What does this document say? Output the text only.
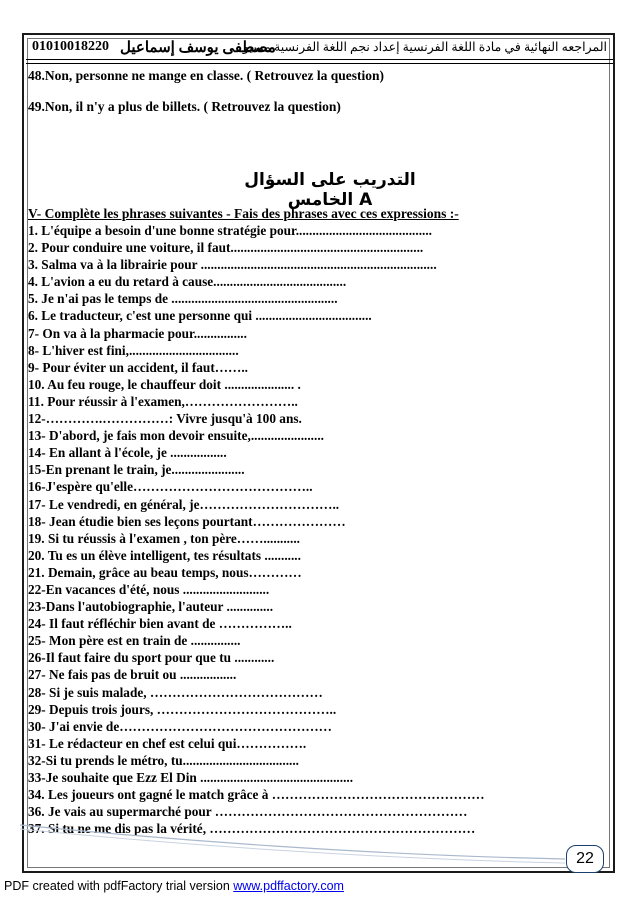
01010018220 مصطفى يوسف إسماعيل
المراجعه النهائية في مادة اللغة الفرنسية إعداد نجم اللغة الفرنسية مسيو
48.Non, personne ne mange en classe. ( Retrouvez la question)
49.Non, il n'y a plus de billets. ( Retrouvez la question)
التدريب على السؤال الخامس A
V- Complète les phrases suivantes - Fais des phrases avec ces expressions :-
1. L'équipe a besoin d'une bonne stratégie pour.........................................
2. Pour conduire une voiture, il faut..........................................................
3. Salma va à la librairie pour .......................................................................
4. L'avion a eu du retard à cause........................................
5. Je n'ai pas le temps de ..................................................
6. Le traducteur, c'est une personne qui ...................................
7- On va à la pharmacie pour................
8- L'hiver est fini,.................................
9- Pour éviter un accident, il faut……..
10. Au feu rouge, le chauffeur doit ..................... .
11. Pour réussir à l'examen,……………………..
12-………….……………: Vivre jusqu'à 100 ans.
13- D'abord, je fais mon devoir ensuite,......................
14- En allant à l'école, je .................
15-En prenant le train, je......................
16-J'espère qu'elle…………………………………..
17- Le vendredi, en général, je…………………………..
18- Jean étudie bien ses leçons pourtant…………………
19. Si tu réussis à l'examen , ton père……...........
20. Tu es un élève intelligent, tes résultats ...........
21. Demain, grâce au beau temps, nous…………
22-En vacances d'été, nous ..........................
23-Dans l'autobiographie, l'auteur ..............
24- Il faut réfléchir bien avant de ……………..
25- Mon père est en train de ...............
26-Il faut faire du sport pour que tu ............
27- Ne fais pas de bruit ou .................
28- Si je suis malade, …………………………………
29- Depuis trois jours, …………………………………..
30- J'ai envie de…………………………………………
31- Le rédacteur en chef est celui qui…………….
32-Si tu prends le métro, tu...................................
33-Je souhaite que Ezz El Din ..............................................
34. Les joueurs ont gagné le match grâce à …………………………………………
36. Je vais au supermarché pour …………………………………………………
37. Si tu ne me dis pas la vérité, ……………………………………………………
22
PDF created with pdfFactory trial version www.pdffactory.com
